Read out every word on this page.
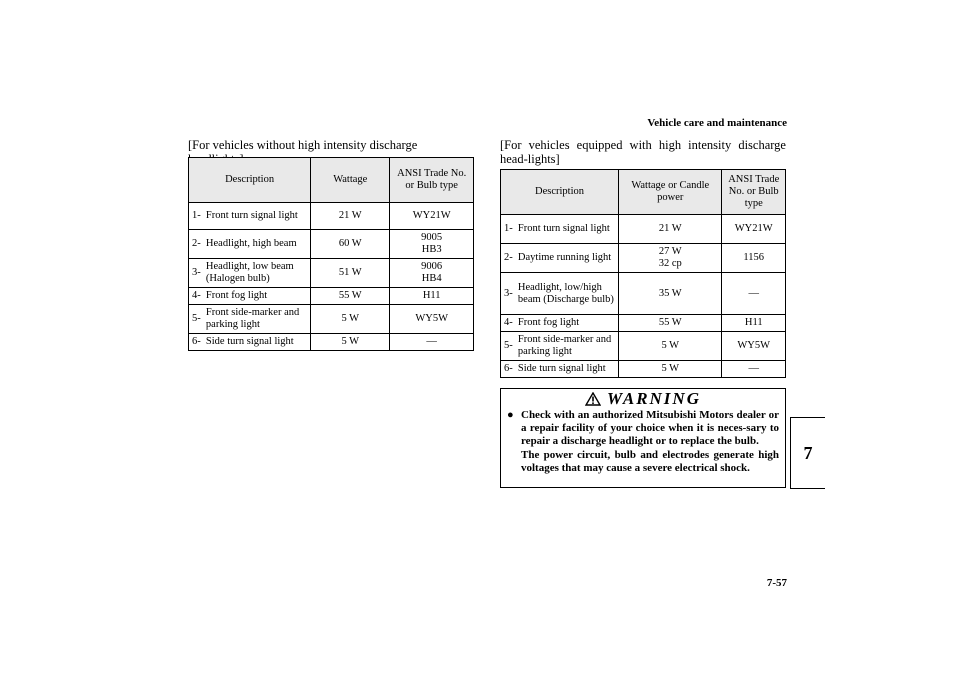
Vehicle care and maintenance
[For vehicles without high intensity discharge
Description		Wattage	ANSI Trade No. or Bulb type
1-	Front turn signal light	21 W	WY21W
2-	Headlight, high beam	60 W	9005 HB3
3-	Headlight, low beam (Halogen bulb)	51 W	9006 HB4
4-	Front fog light	55 W	H11
5-	Front side-marker and parking light	5 W	WY5W
6-	Side turn signal light	5 W	—
[For vehicles equipped with high intensity discharge head-lights]
Description		Wattage or Candle power	ANSI Trade No. or Bulb type
1-	Front turn signal light	21 W	WY21W
2-	Daytime running light	27 W 32 cp	1156
3-	Headlight, low/high beam (Discharge bulb)	35 W	—
4-	Front fog light	55 W	H11
5-	Front side-marker and parking light	5 W	WY5W
6-	Side turn signal light	5 W	—
WARNING
● Check with an authorized Mitsubishi Motors dealer or a repair facility of your choice when it is neces-sary to repair a discharge headlight or to replace the bulb.
The power circuit, bulb and electrodes generate high voltages that may cause a severe electrical shock.
7
7-57
